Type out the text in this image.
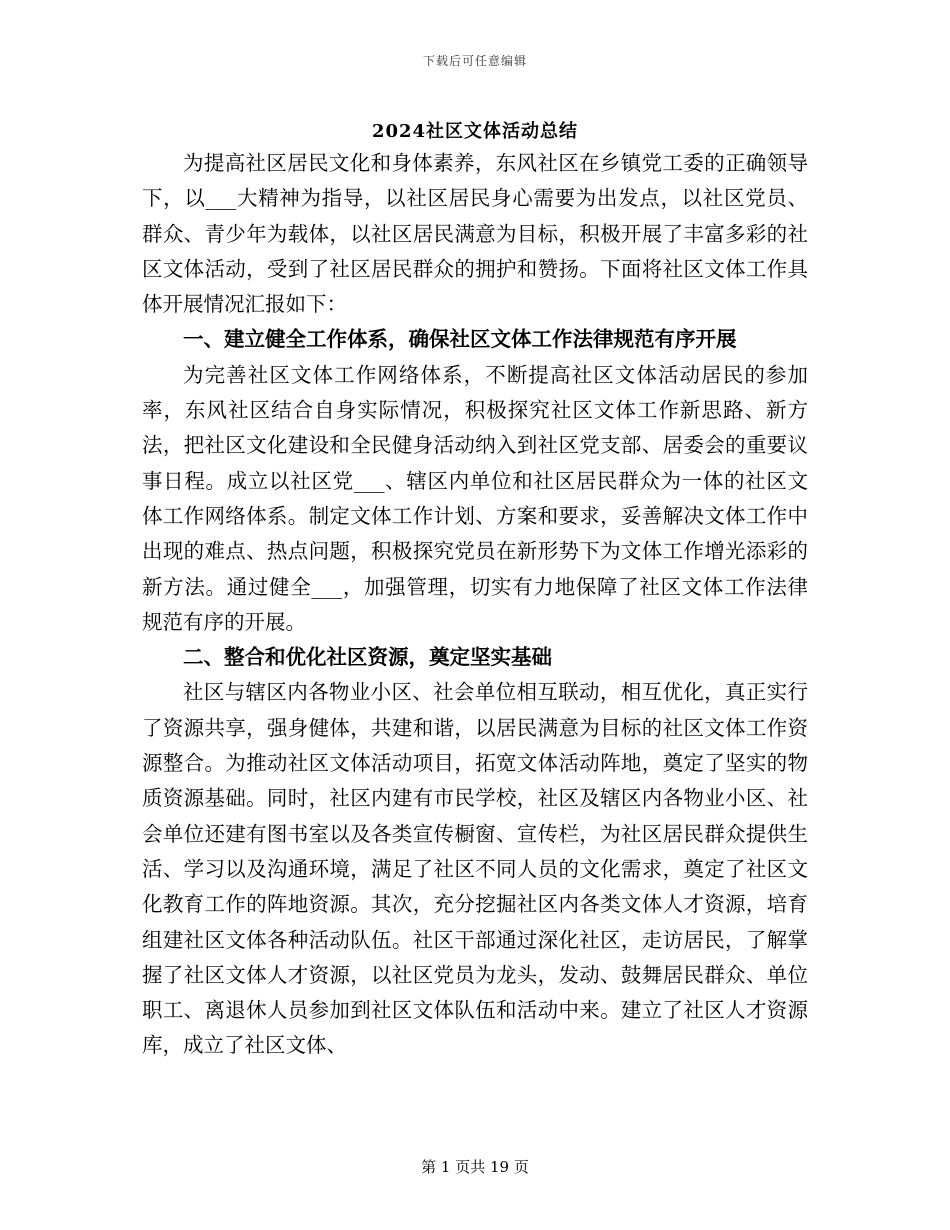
下载后可任意编辑
2024社区文体活动总结

为提高社区居民文化和身体素养，东风社区在乡镇党工委的正确领导下，以___大精神为指导，以社区居民身心需要为出发点，以社区党员、群众、青少年为载体，以社区居民满意为目标，积极开展了丰富多彩的社区文体活动，受到了社区居民群众的拥护和赞扬。下面将社区文体工作具体开展情况汇报如下：

一、建立健全工作体系，确保社区文体工作法律规范有序开展

为完善社区文体工作网络体系，不断提高社区文体活动居民的参加率，东风社区结合自身实际情况，积极探究社区文体工作新思路、新方法，把社区文化建设和全民健身活动纳入到社区党支部、居委会的重要议事日程。成立以社区党___、辖区内单位和社区居民群众为一体的社区文体工作网络体系。制定文体工作计划、方案和要求，妥善解决文体工作中出现的难点、热点问题，积极探究党员在新形势下为文体工作增光添彩的新方法。通过健全___，加强管理，切实有力地保障了社区文体工作法律规范有序的开展。

二、整合和优化社区资源，奠定坚实基础

社区与辖区内各物业小区、社会单位相互联动，相互优化，真正实行了资源共享，强身健体，共建和谐，以居民满意为目标的社区文体工作资源整合。为推动社区文体活动项目，拓宽文体活动阵地，奠定了坚实的物质资源基础。同时，社区内建有市民学校，社区及辖区内各物业小区、社会单位还建有图书室以及各类宣传橱窗、宣传栏，为社区居民群众提供生活、学习以及沟通环境，满足了社区不同人员的文化需求，奠定了社区文化教育工作的阵地资源。其次，充分挖掘社区内各类文体人才资源，培育组建社区文体各种活动队伍。社区干部通过深化社区，走访居民，了解掌握了社区文体人才资源，以社区党员为龙头，发动、鼓舞居民群众、单位职工、离退休人员参加到社区文体队伍和活动中来。建立了社区人才资源库，成立了社区文体、

第 1 页共 19 页
